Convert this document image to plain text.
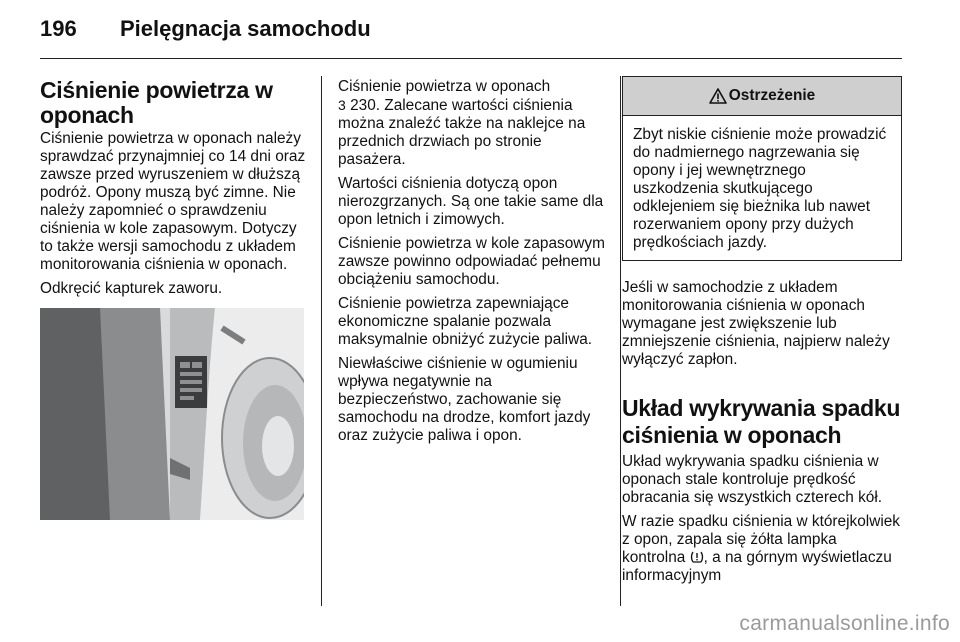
196 Pielęgnacja samochodu
Ciśnienie powietrza w oponach

Ciśnienie powietrza w oponach należy sprawdzać przynajmniej co 14 dni oraz zawsze przed wyruszeniem w dłuższą podróż. Opony muszą być zimne. Nie należy zapomnieć o sprawdzeniu ciśnienia w kole zapasowym. Dotyczy to także wersji samochodu z układem monitorowania ciśnienia w oponach.

Odkręcić kapturek zaworu.

Ciśnienie powietrza w oponach
3 230. Zalecane wartości ciśnienia można znaleźć także na naklejce na przednich drzwiach po stronie pasażera.

Wartości ciśnienia dotyczą opon nierozgrzanych. Są one takie same dla opon letnich i zimowych.

Ciśnienie powietrza w kole zapasowym zawsze powinno odpowiadać pełnemu obciążeniu samochodu.

Ciśnienie powietrza zapewniające ekonomiczne spalanie pozwala maksymalnie obniżyć zużycie paliwa.

Niewłaściwe ciśnienie w ogumieniu wpływa negatywnie na bezpieczeństwo, zachowanie się samochodu na drodze, komfort jazdy oraz zużycie paliwa i opon.

Ostrzeżenie
Zbyt niskie ciśnienie może prowadzić do nadmiernego nagrzewania się opony i jej wewnętrznego uszkodzenia skutkującego odklejeniem się bieżnika lub nawet rozerwaniem opony przy dużych prędkościach jazdy.

Jeśli w samochodzie z układem monitorowania ciśnienia w oponach wymagane jest zwiększenie lub zmniejszenie ciśnienia, najpierw należy wyłączyć zapłon.

Układ wykrywania spadku ciśnienia w oponach

Układ wykrywania spadku ciśnienia w oponach stale kontroluje prędkość obracania się wszystkich czterech kół.

W razie spadku ciśnienia w którejkolwiek z opon, zapala się żółta lampka kontrolna , a na górnym wyświetlaczu informacyjnym

carmanualsonline.info
